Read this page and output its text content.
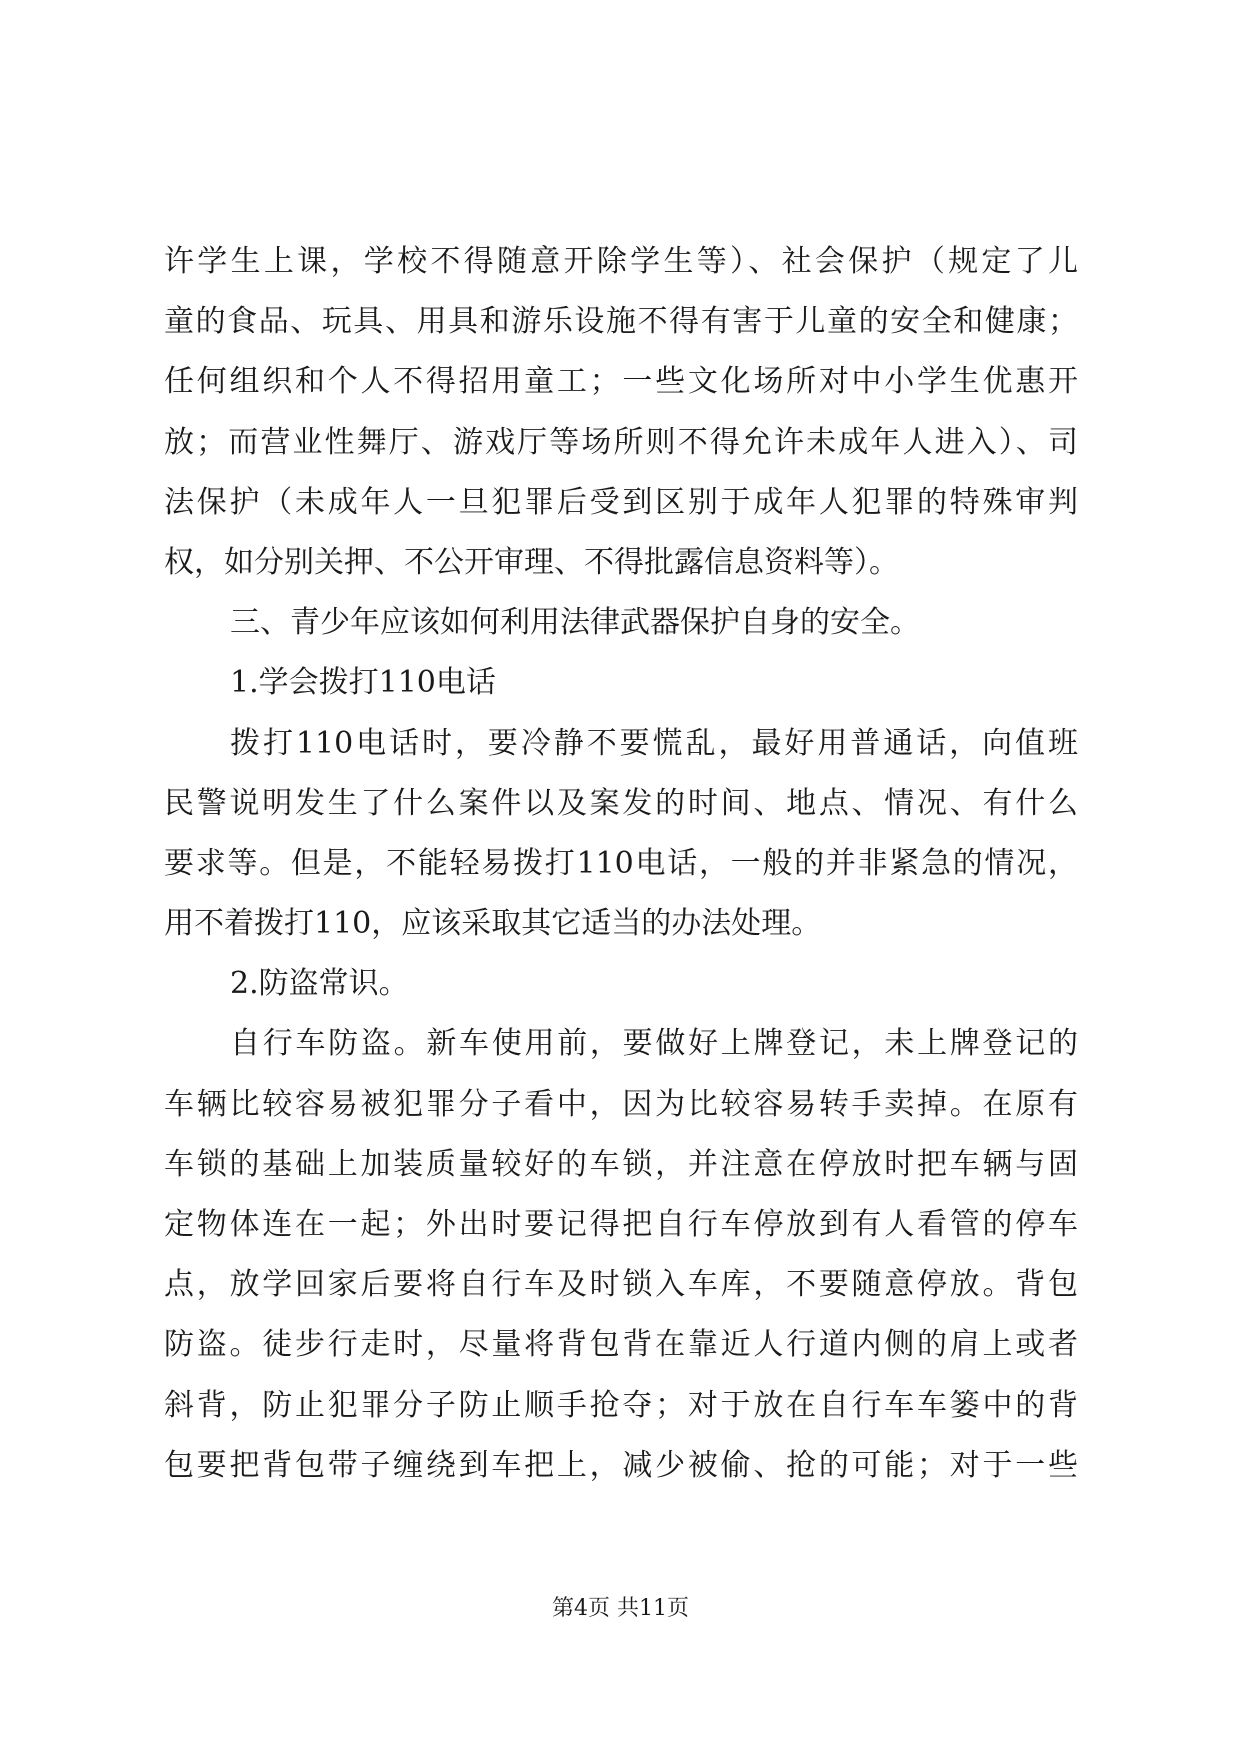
许学生上课，学校不得随意开除学生等）、社会保护（规定了儿
童的食品、玩具、用具和游乐设施不得有害于儿童的安全和健康；
任何组织和个人不得招用童工；一些文化场所对中小学生优惠开
放；而营业性舞厅、游戏厅等场所则不得允许未成年人进入）、司
法保护（未成年人一旦犯罪后受到区别于成年人犯罪的特殊审判
权，如分别关押、不公开审理、不得批露信息资料等）。
三、青少年应该如何利用法律武器保护自身的安全。
1.学会拨打110电话
拨打110电话时，要冷静不要慌乱，最好用普通话，向值班
民警说明发生了什么案件以及案发的时间、地点、情况、有什么
要求等。但是，不能轻易拨打110电话，一般的并非紧急的情况，
用不着拨打110，应该采取其它适当的办法处理。
2.防盗常识。
自行车防盗。新车使用前，要做好上牌登记，未上牌登记的
车辆比较容易被犯罪分子看中，因为比较容易转手卖掉。在原有
车锁的基础上加装质量较好的车锁，并注意在停放时把车辆与固
定物体连在一起；外出时要记得把自行车停放到有人看管的停车
点，放学回家后要将自行车及时锁入车库，不要随意停放。背包
防盗。徒步行走时，尽量将背包背在靠近人行道内侧的肩上或者
斜背，防止犯罪分子防止顺手抢夺；对于放在自行车车篓中的背
包要把背包带子缠绕到车把上，减少被偷、抢的可能；对于一些
第4页 共11页
